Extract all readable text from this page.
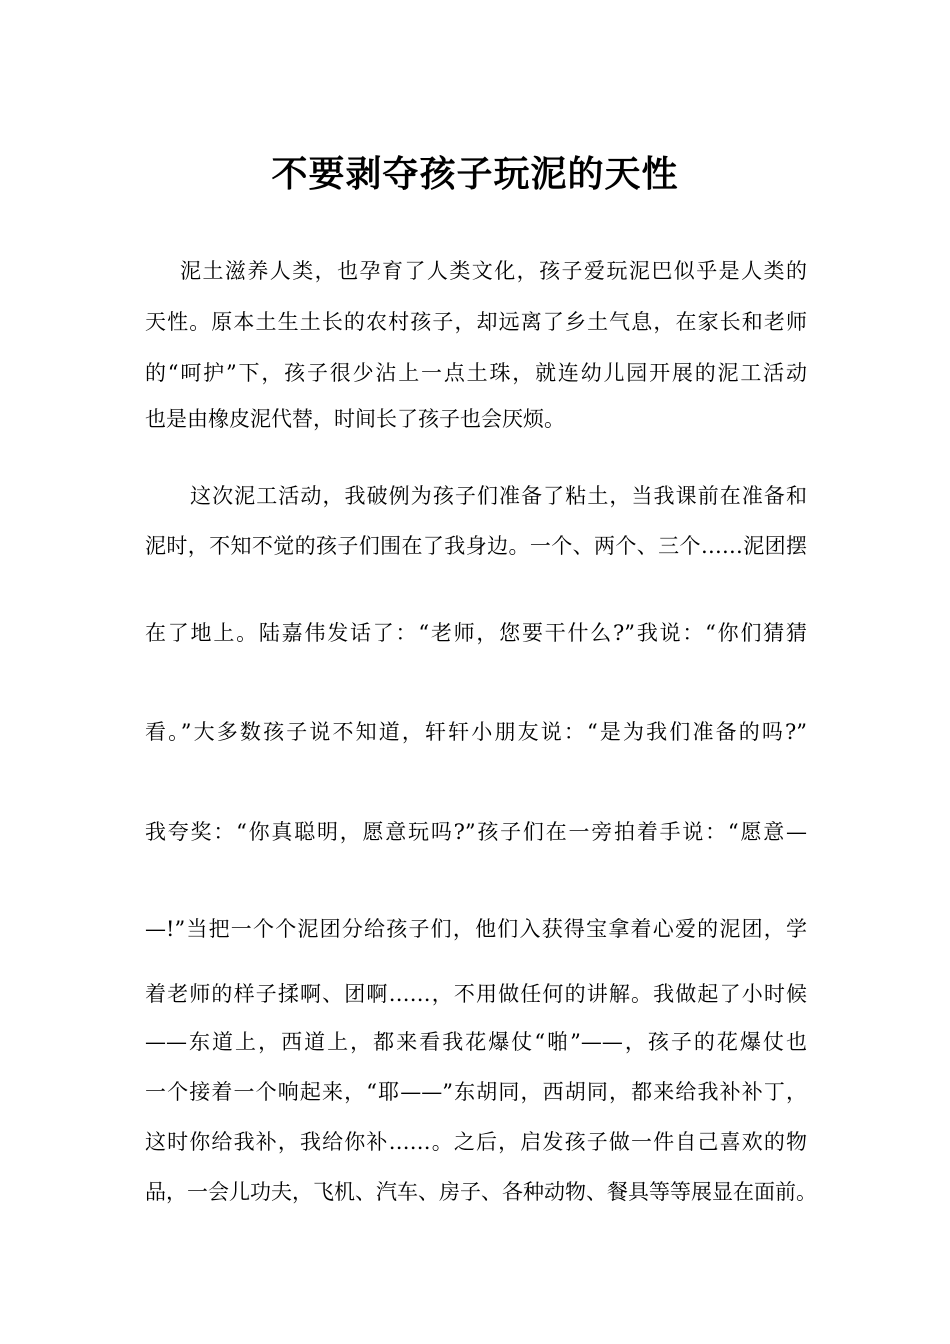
不要剥夺孩子玩泥的天性
泥土滋养人类，也孕育了人类文化，孩子爱玩泥巴似乎是人类的
天性。原本土生土长的农村孩子，却远离了乡土气息，在家长和老师
的“呵护”下，孩子很少沾上一点土珠，就连幼儿园开展的泥工活动
也是由橡皮泥代替，时间长了孩子也会厌烦。
这次泥工活动，我破例为孩子们准备了粘土，当我课前在准备和
泥时，不知不觉的孩子们围在了我身边。一个、两个、三个……泥团摆
在了地上。陆嘉伟发话了：“老师，您要干什么?”我说：“你们猜猜
看。”大多数孩子说不知道，轩轩小朋友说：“是为我们准备的吗?”
我夸奖：“你真聪明，愿意玩吗?”孩子们在一旁拍着手说：“愿意—
—!”当把一个个泥团分给孩子们，他们入获得宝拿着心爱的泥团，学
着老师的样子揉啊、团啊……，不用做任何的讲解。我做起了小时候
——东道上，西道上，都来看我花爆仗“啪”——，孩子的花爆仗也
一个接着一个响起来，“耶——”东胡同，西胡同，都来给我补补丁，
这时你给我补，我给你补……。之后，启发孩子做一件自己喜欢的物
品，一会儿功夫，飞机、汽车、房子、各种动物、餐具等等展显在面前。
